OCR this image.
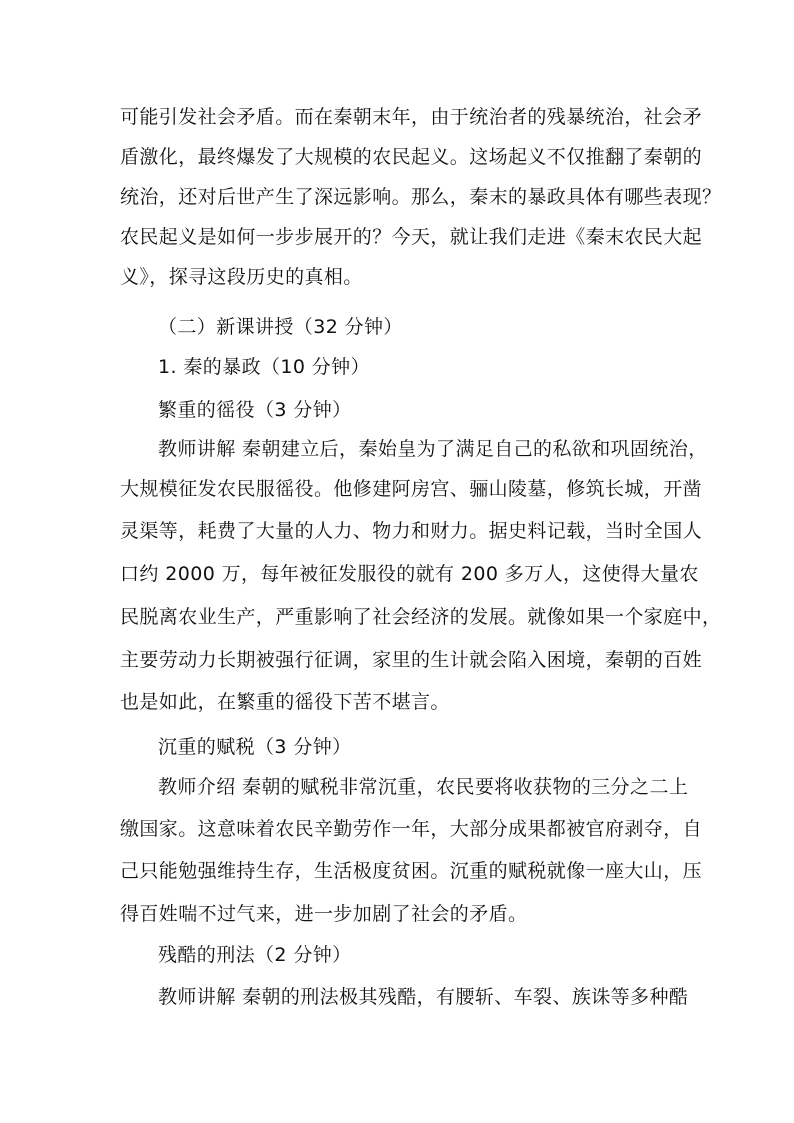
可能引发社会矛盾。而在秦朝末年，由于统治者的残暴统治，社会矛
盾激化，最终爆发了大规模的农民起义。这场起义不仅推翻了秦朝的
统治，还对后世产生了深远影响。那么，秦末的暴政具体有哪些表现？
农民起义是如何一步步展开的？今天，就让我们走进《秦末农民大起
义》，探寻这段历史的真相。
（二）新课讲授（32 分钟）
1. 秦的暴政（10 分钟）
繁重的徭役（3 分钟）
教师讲解 秦朝建立后，秦始皇为了满足自己的私欲和巩固统治，
大规模征发农民服徭役。他修建阿房宫、骊山陵墓，修筑长城，开凿
灵渠等，耗费了大量的人力、物力和财力。据史料记载，当时全国人
口约 2000 万，每年被征发服役的就有 200 多万人，这使得大量农
民脱离农业生产，严重影响了社会经济的发展。就像如果一个家庭中，
主要劳动力长期被强行征调，家里的生计就会陷入困境，秦朝的百姓
也是如此，在繁重的徭役下苦不堪言。
沉重的赋税（3 分钟）
教师介绍 秦朝的赋税非常沉重，农民要将收获物的三分之二上
缴国家。这意味着农民辛勤劳作一年，大部分成果都被官府剥夺，自
己只能勉强维持生存，生活极度贫困。沉重的赋税就像一座大山，压
得百姓喘不过气来，进一步加剧了社会的矛盾。
残酷的刑法（2 分钟）
教师讲解 秦朝的刑法极其残酷，有腰斩、车裂、族诛等多种酷
